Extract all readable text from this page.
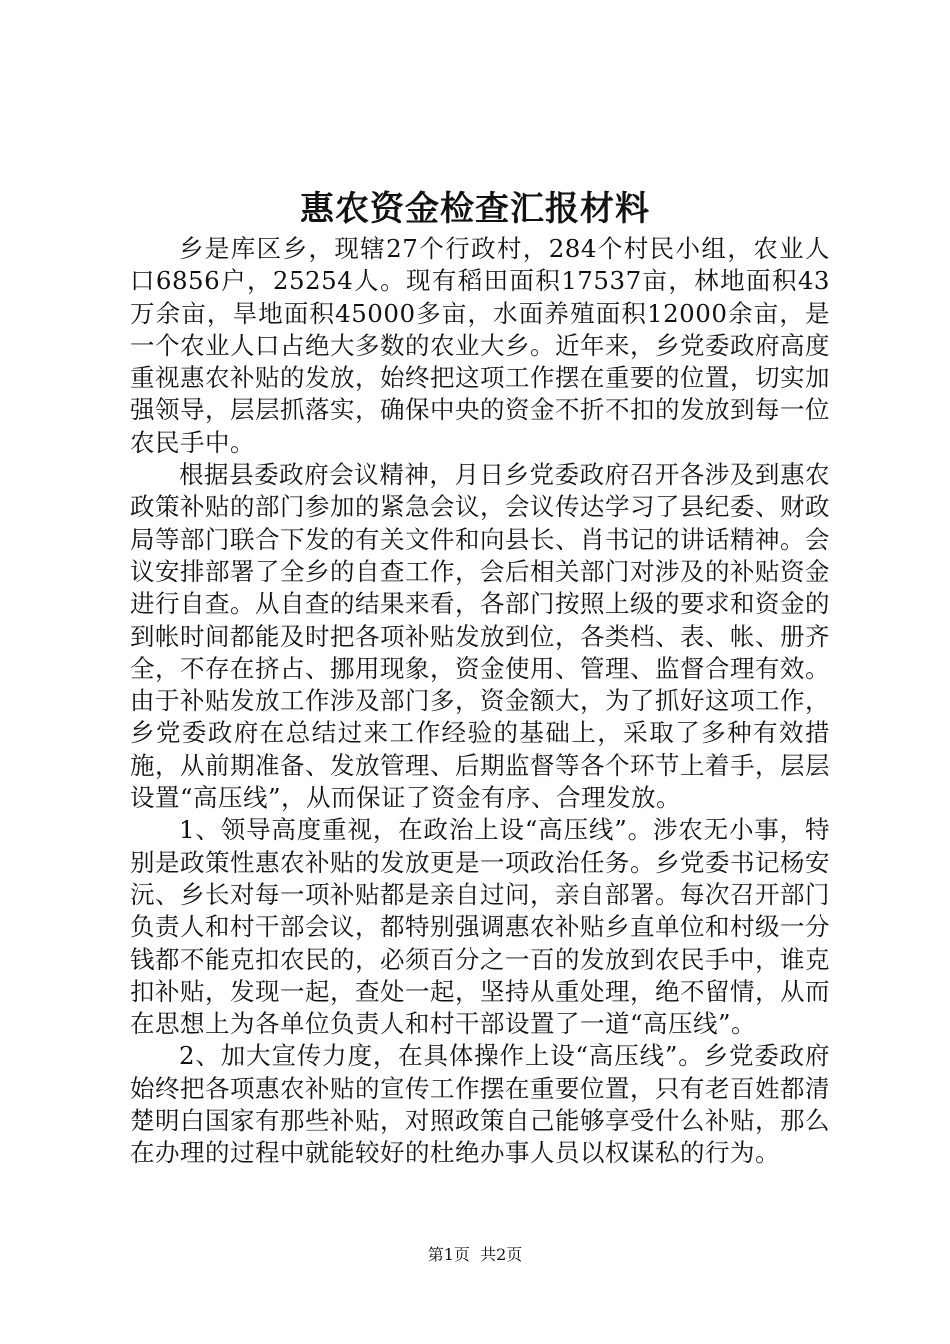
惠农资金检查汇报材料

乡是库区乡，现辖27个行政村，284个村民小组，农业人口6856户，25254人。现有稻田面积17537亩，林地面积43万余亩，旱地面积45000多亩，水面养殖面积12000余亩，是一个农业人口占绝大多数的农业大乡。近年来，乡党委政府高度重视惠农补贴的发放，始终把这项工作摆在重要的位置，切实加强领导，层层抓落实，确保中央的资金不折不扣的发放到每一位农民手中。

根据县委政府会议精神，月日乡党委政府召开各涉及到惠农政策补贴的部门参加的紧急会议，会议传达学习了县纪委、财政局等部门联合下发的有关文件和向县长、肖书记的讲话精神。会议安排部署了全乡的自查工作，会后相关部门对涉及的补贴资金进行自查。从自查的结果来看，各部门按照上级的要求和资金的到帐时间都能及时把各项补贴发放到位，各类档、表、帐、册齐全，不存在挤占、挪用现象，资金使用、管理、监督合理有效。由于补贴发放工作涉及部门多，资金额大，为了抓好这项工作，乡党委政府在总结过来工作经验的基础上，采取了多种有效措施，从前期准备、发放管理、后期监督等各个环节上着手，层层设置“高压线”，从而保证了资金有序、合理发放。

1、领导高度重视，在政治上设“高压线”。涉农无小事，特别是政策性惠农补贴的发放更是一项政治任务。乡党委书记杨安沅、乡长对每一项补贴都是亲自过问，亲自部署。每次召开部门负责人和村干部会议，都特别强调惠农补贴乡直单位和村级一分钱都不能克扣农民的，必须百分之一百的发放到农民手中，谁克扣补贴，发现一起，查处一起，坚持从重处理，绝不留情，从而在思想上为各单位负责人和村干部设置了一道“高压线”。

2、加大宣传力度，在具体操作上设“高压线”。乡党委政府始终把各项惠农补贴的宣传工作摆在重要位置，只有老百姓都清楚明白国家有那些补贴，对照政策自己能够享受什么补贴，那么在办理的过程中就能较好的杜绝办事人员以权谋私的行为。

第1页 共2页
